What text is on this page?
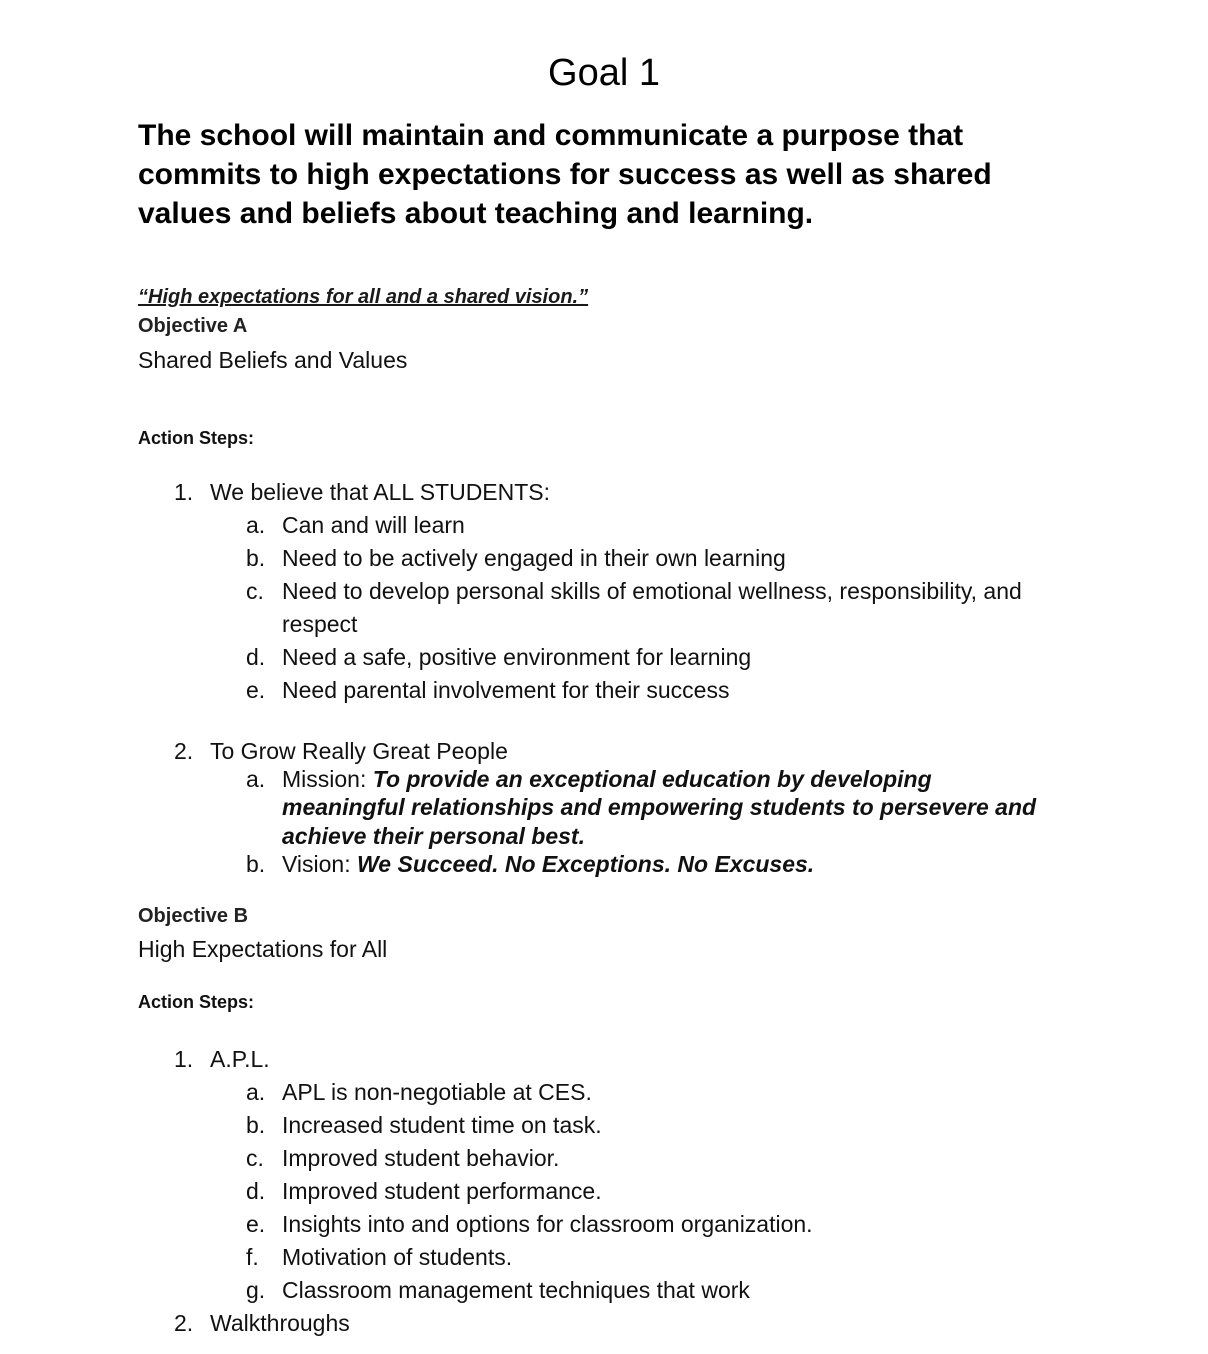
Goal 1
The school will maintain and communicate a purpose that
commits to high expectations for success as well as shared
values and beliefs about teaching and learning.
“High expectations for all and a shared vision.”
Objective A
Shared Beliefs and Values
Action Steps:
1. We believe that ALL STUDENTS:
a. Can and will learn
b. Need to be actively engaged in their own learning
c. Need to develop personal skills of emotional wellness, responsibility, and
respect
d. Need a safe, positive environment for learning
e. Need parental involvement for their success
2. To Grow Really Great People
a. Mission: To provide an exceptional education by developing
meaningful relationships and empowering students to persevere and
achieve their personal best.
b. Vision: We Succeed. No Exceptions. No Excuses.
Objective B
High Expectations for All
Action Steps:
1. A.P.L.
a. APL is non-negotiable at CES.
b. Increased student time on task.
c. Improved student behavior.
d. Improved student performance.
e. Insights into and options for classroom organization.
f. Motivation of students.
g. Classroom management techniques that work
2. Walkthroughs
